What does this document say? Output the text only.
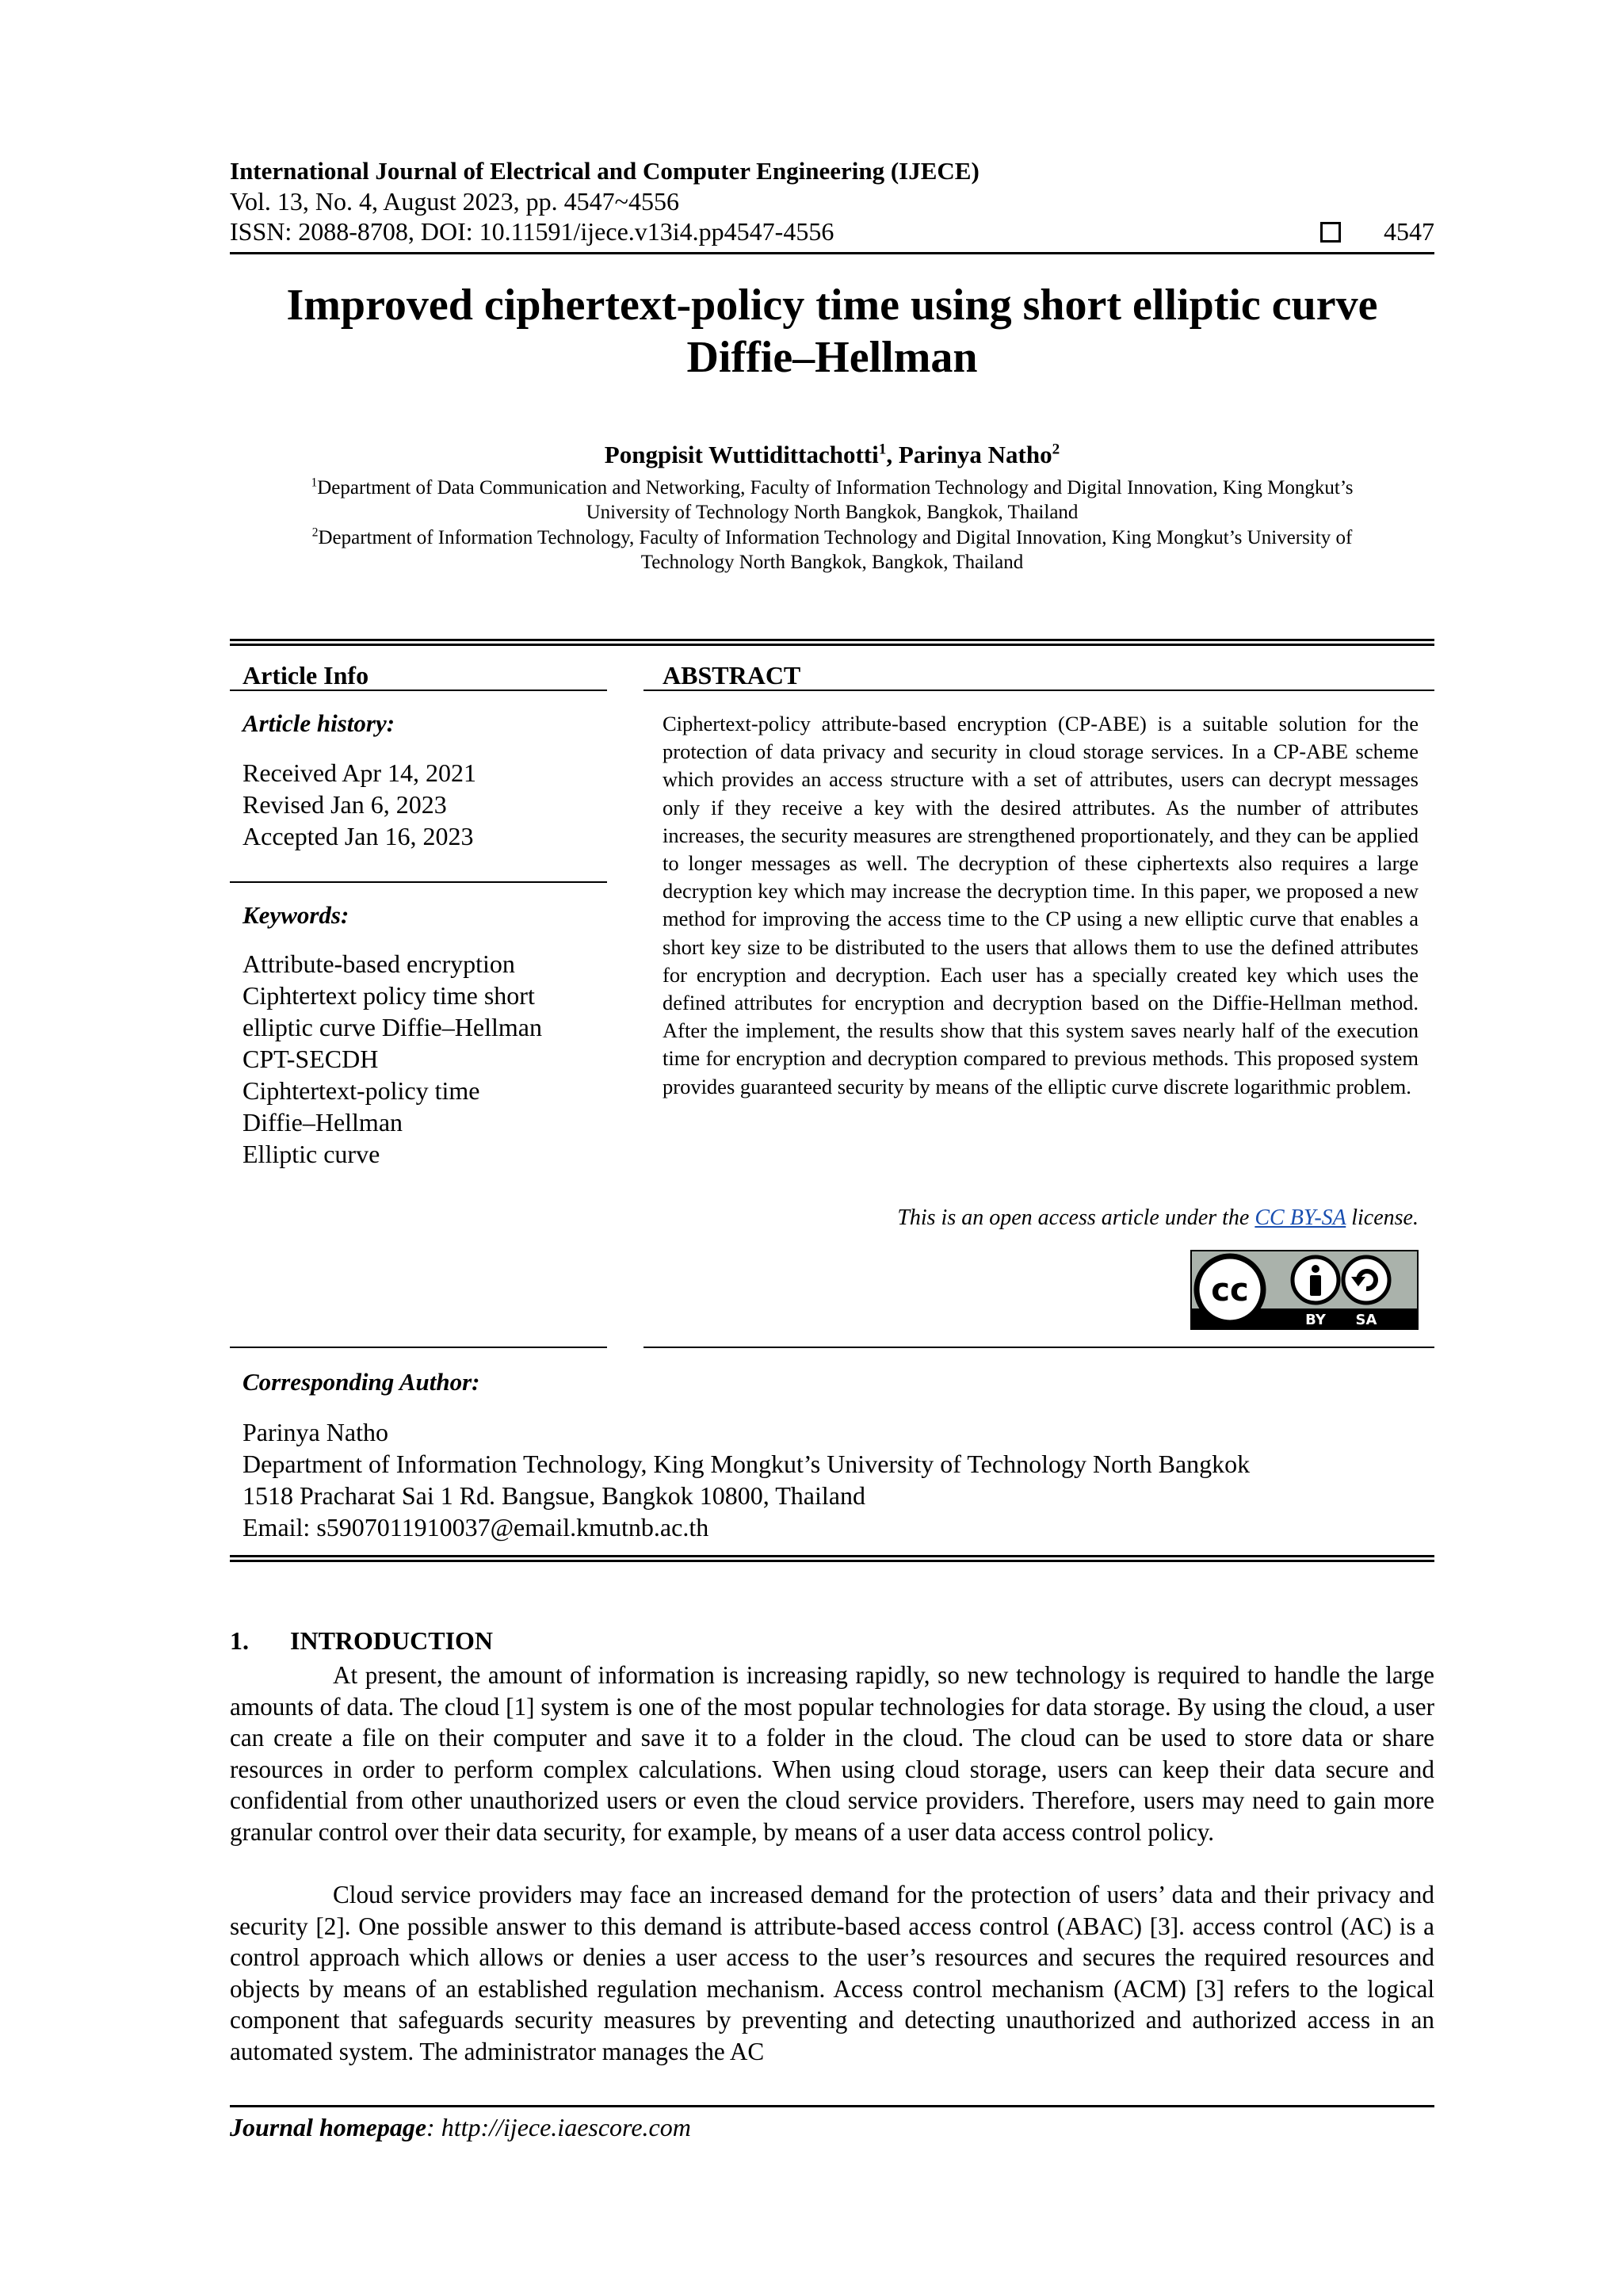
International Journal of Electrical and Computer Engineering (IJECE)
Vol. 13, No. 4, August 2023, pp. 4547~4556
ISSN: 2088-8708, DOI: 10.11591/ijece.v13i4.pp4547-4556	4547
Improved ciphertext-policy time using short elliptic curve
Diffie–Hellman
Pongpisit Wuttidittachotti$^1$, Parinya Natho$^2$
$^1$Department of Data Communication and Networking, Faculty of Information Technology and Digital Innovation, King Mongkut’s
University of Technology North Bangkok, Bangkok, Thailand
$^2$Department of Information Technology, Faculty of Information Technology and Digital Innovation, King Mongkut’s University of
Technology North Bangkok, Bangkok, Thailand
Article Info
Article history:
Received Apr 14, 2021
Revised Jan 6, 2023
Accepted Jan 16, 2023
Keywords:
Attribute-based encryption
Ciphtertext policy time short
elliptic curve Diffie–Hellman
CPT-SECDH
Ciphtertext-policy time
Diffie–Hellman
Elliptic curve
ABSTRACT
Ciphertext-policy attribute-based encryption (CP-ABE) is a suitable solution for the protection of data privacy and security in cloud storage services. In a CP-ABE scheme which provides an access structure with a set of attributes, users can decrypt messages only if they receive a key with the desired attributes. As the number of attributes increases, the security measures are strengthened proportionately, and they can be applied to longer messages as well. The decryption of these ciphertexts also requires a large decryption key which may increase the decryption time. In this paper, we proposed a new method for improving the access time to the CP using a new elliptic curve that enables a short key size to be distributed to the users that allows them to use the defined attributes for encryption and decryption. Each user has a specially created key which uses the defined attributes for encryption and decryption based on the Diffie-Hellman method. After the implement, the results show that this system saves nearly half of the execution time for encryption and decryption compared to previous methods. This proposed system provides guaranteed security by means of the elliptic curve discrete logarithmic problem.
This is an open access article under the CC BY-SA license.
cc
BY SA
Corresponding Author:
Parinya Natho
Department of Information Technology, King Mongkut’s University of Technology North Bangkok
1518 Pracharat Sai 1 Rd. Bangsue, Bangkok 10800, Thailand
Email: s5907011910037@email.kmutnb.ac.th
1. INTRODUCTION
At present, the amount of information is increasing rapidly, so new technology is required to handle the large amounts of data. The cloud [1] system is one of the most popular technologies for data storage. By using the cloud, a user can create a file on their computer and save it to a folder in the cloud. The cloud can be used to store data or share resources in order to perform complex calculations. When using cloud storage, users can keep their data secure and confidential from other unauthorized users or even the cloud service providers. Therefore, users may need to gain more granular control over their data security, for example, by means of a user data access control policy.
Cloud service providers may face an increased demand for the protection of users’ data and their privacy and security [2]. One possible answer to this demand is attribute-based access control (ABAC) [3]. access control (AC) is a control approach which allows or denies a user access to the user’s resources and secures the required resources and objects by means of an established regulation mechanism. Access control mechanism (ACM) [3] refers to the logical component that safeguards security measures by preventing and detecting unauthorized and authorized access in an automated system. The administrator manages the AC
Journal homepage: http://ijece.iaescore.com
